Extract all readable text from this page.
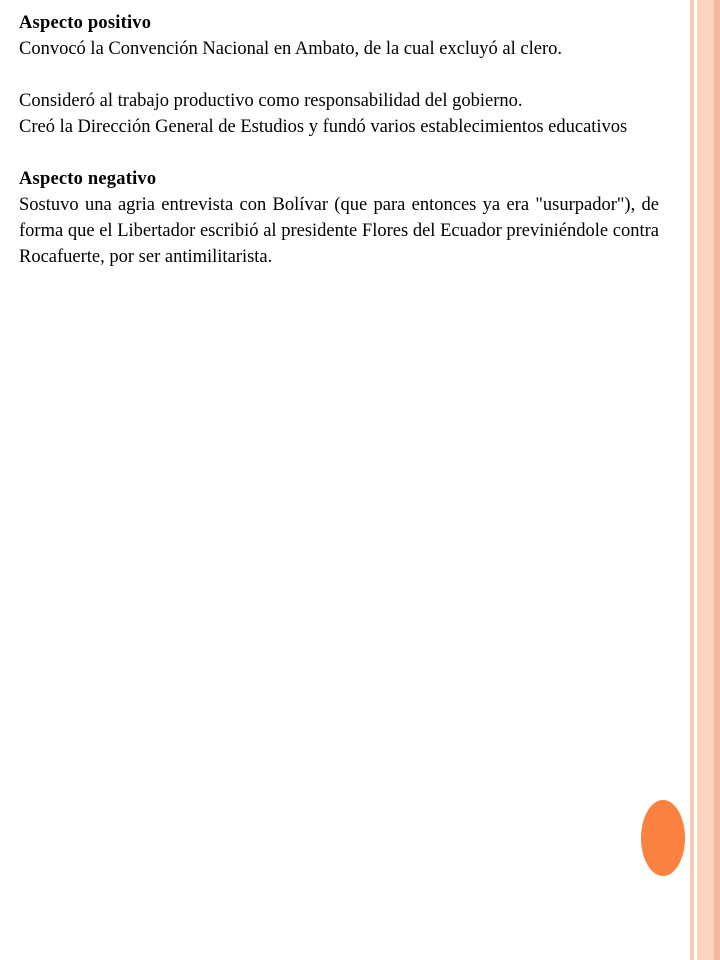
Aspecto positivo

Convocó la Convención Nacional en Ambato, de la cual excluyó al clero.

Consideró al trabajo productivo como responsabilidad del gobierno.

Creó la Dirección General de Estudios y fundó varios establecimientos educativos

Aspecto negativo

Sostuvo una agria entrevista con Bolívar (que para entonces ya era "usurpador"), de forma que el Libertador escribió al presidente Flores del Ecuador previniéndole contra Rocafuerte, por ser antimilitarista.
